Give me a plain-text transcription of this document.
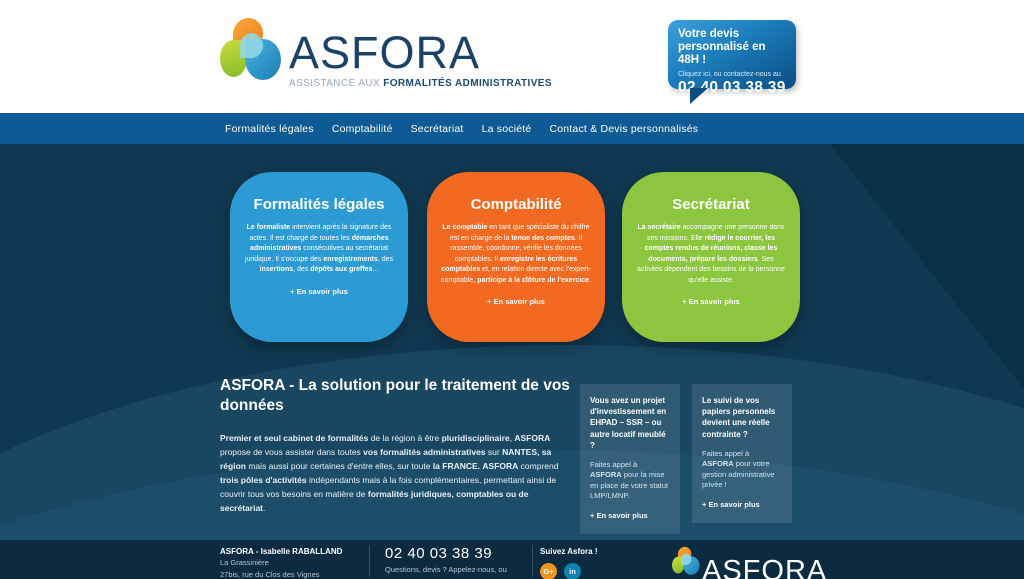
ASFORA
ASSISTANCE AUX FORMALITÉS ADMINISTRATIVES
Votre devis personnalisé en 48H !
Cliquez ici, ou contactez-nous au
02 40 03 38 39
Formalités légales Comptabilité Secrétariat La société Contact & Devis personnalisés
Formalités légales
Le formaliste intervient après la signature des actes. Il est chargé de toutes les démarches administratives consécutives au secrétariat juridique. Il s'occupe des enregistrements, des insertions, des dépôts aux greffes...
+ En savoir plus
Comptabilité
Le comptable en tant que spécialiste du chiffre est en charge de la tenue des comptes. Il rassemble, coordonne, vérifie les données comptables. Il enregistre les écritures comptables et, en relation directe avec l'expert-comptable, participe à la clôture de l'exercice.
+ En savoir plus
Secrétariat
La secrétaire accompagne une personne dans ses missions. Elle rédige le courrier, les comptes rendus de réunions, classe les documents, prépare les dossiers. Ses activités dépendent des besoins de la personne qu'elle assiste.
+ En savoir plus
ASFORA - La solution pour le traitement de vos données
Premier et seul cabinet de formalités de la région à être pluridisciplinaire, ASFORA propose de vous assister dans toutes vos formalités administratives sur NANTES, sa région mais aussi pour certaines d'entre elles, sur toute la FRANCE. ASFORA comprend trois pôles d'activités indépendants mais à la fois complémentaires, permettant ainsi de couvrir tous vos besoins en matière de formalités juridiques, comptables ou de secrétariat.
Vous avez un projet d'investissement en EHPAD – SSR – ou autre locatif meublé ?
Faites appel à ASFORA pour la mise en place de votre statut LMP/LMNP.
+ En savoir plus
Le suivi de vos papiers personnels devient une réelle contrainte ?
Faites appel à ASFORA pour votre gestion administrative privée !
+ En savoir plus
ASFORA - Isabelle RABALLAND
La Grassinière
27bis, rue du Clos des Vignes
02 40 03 38 39
Questions, devis ? Appelez-nous, ou
Suivez Asfora !
G+	in	ASFORA
